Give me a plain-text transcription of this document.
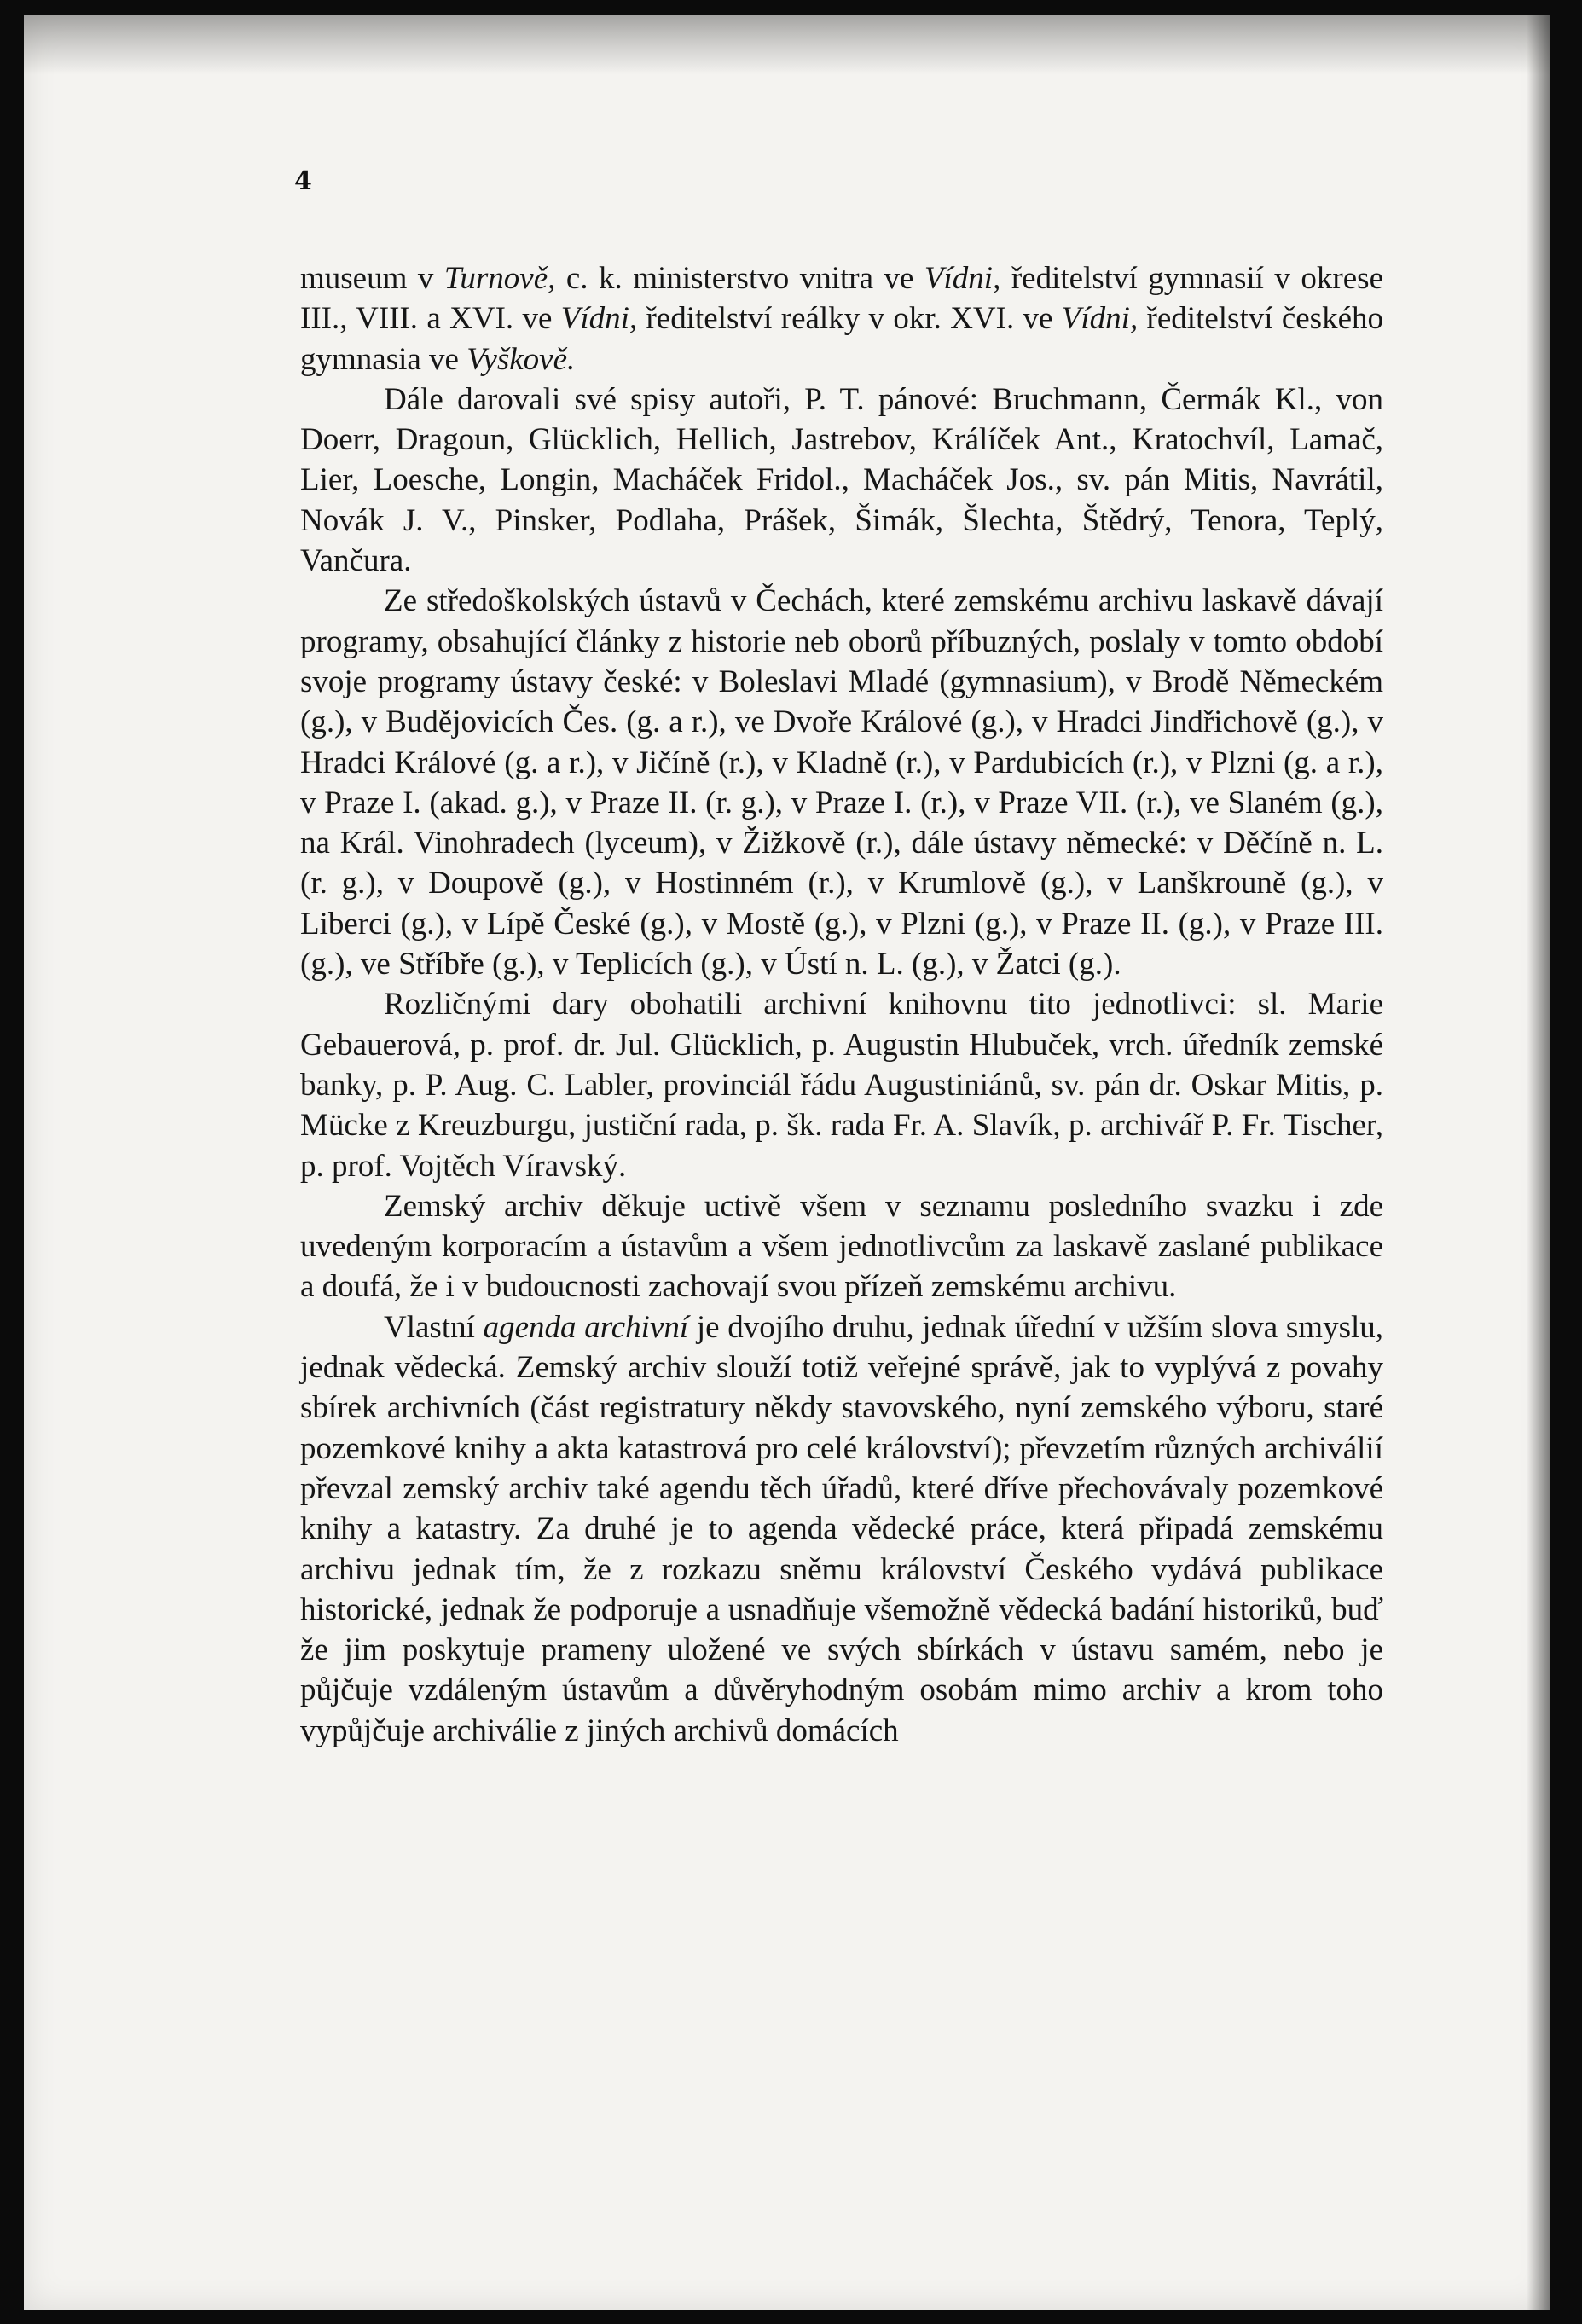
4

museum v Turnově, c. k. ministerstvo vnitra ve Vídni, ředitelství gymnasií v okrese III., VIII. a XVI. ve Vídni, ředitelství reálky v okr. XVI. ve Vídni, ředitelství českého gymnasia ve Vyškově.

Dále darovali své spisy autoři, P. T. pánové: Bruchmann, Čermák Kl., von Doerr, Dragoun, Glücklich, Hellich, Jastrebov, Králíček Ant., Kratochvíl, Lamač, Lier, Loesche, Longin, Macháček Fridol., Macháček Jos., sv. pán Mitis, Navrátil, Novák J. V., Pinsker, Podlaha, Prášek, Šimák, Šlechta, Štědrý, Tenora, Teplý, Vančura.

Ze středoškolských ústavů v Čechách, které zemskému archivu laskavě dávají programy, obsahující články z historie neb oborů příbuzných, poslaly v tomto období svoje programy ústavy české: v Boleslavi Mladé (gymnasium), v Brodě Německém (g.), v Budějovicích Čes. (g. a r.), ve Dvoře Králové (g.), v Hradci Jindřichově (g.), v Hradci Králové (g. a r.), v Jičíně (r.), v Kladně (r.), v Pardubicích (r.), v Plzni (g. a r.), v Praze I. (akad. g.), v Praze II. (r. g.), v Praze I. (r.), v Praze VII. (r.), ve Slaném (g.), na Král. Vinohradech (lyceum), v Žižkově (r.), dále ústavy německé: v Děčíně n. L. (r. g.), v Doupově (g.), v Hostinném (r.), v Krumlově (g.), v Lanškrouně (g.), v Liberci (g.), v Lípě České (g.), v Mostě (g.), v Plzni (g.), v Praze II. (g.), v Praze III. (g.), ve Stříbře (g.), v Teplicích (g.), v Ústí n. L. (g.), v Žatci (g.).

Rozličnými dary obohatili archivní knihovnu tito jednotlivci: sl. Marie Gebauerová, p. prof. dr. Jul. Glücklich, p. Augustin Hlubuček, vrch. úředník zemské banky, p. P. Aug. C. Labler, provinciál řádu Augustiniánů, sv. pán dr. Oskar Mitis, p. Mücke z Kreuzburgu, justiční rada, p. šk. rada Fr. A. Slavík, p. archivář P. Fr. Tischer, p. prof. Vojtěch Víravský.

Zemský archiv děkuje uctivě všem v seznamu posledního svazku i zde uvedeným korporacím a ústavům a všem jednotlivcům za laskavě zaslané publikace a doufá, že i v budoucnosti zachovají svou přízeň zemskému archivu.

Vlastní agenda archivní je dvojího druhu, jednak úřední v užším slova smyslu, jednak vědecká. Zemský archiv slouží totiž veřejné správě, jak to vyplývá z povahy sbírek archivních (část registratury někdy stavovského, nyní zemského výboru, staré pozemkové knihy a akta katastrová pro celé království); převzetím různých archiválií převzal zemský archiv také agendu těch úřadů, které dříve přechovávaly pozemkové knihy a katastry. Za druhé je to agenda vědecké práce, která připadá zemskému archivu jednak tím, že z rozkazu sněmu království Českého vydává publikace historické, jednak že podporuje a usnadňuje všemožně vědecká badání historiků, buď že jim poskytuje prameny uložené ve svých sbírkách v ústavu samém, nebo je půjčuje vzdáleným ústavům a důvěryhodným osobám mimo archiv a krom toho vypůjčuje archiválie z jiných archivů domácích
